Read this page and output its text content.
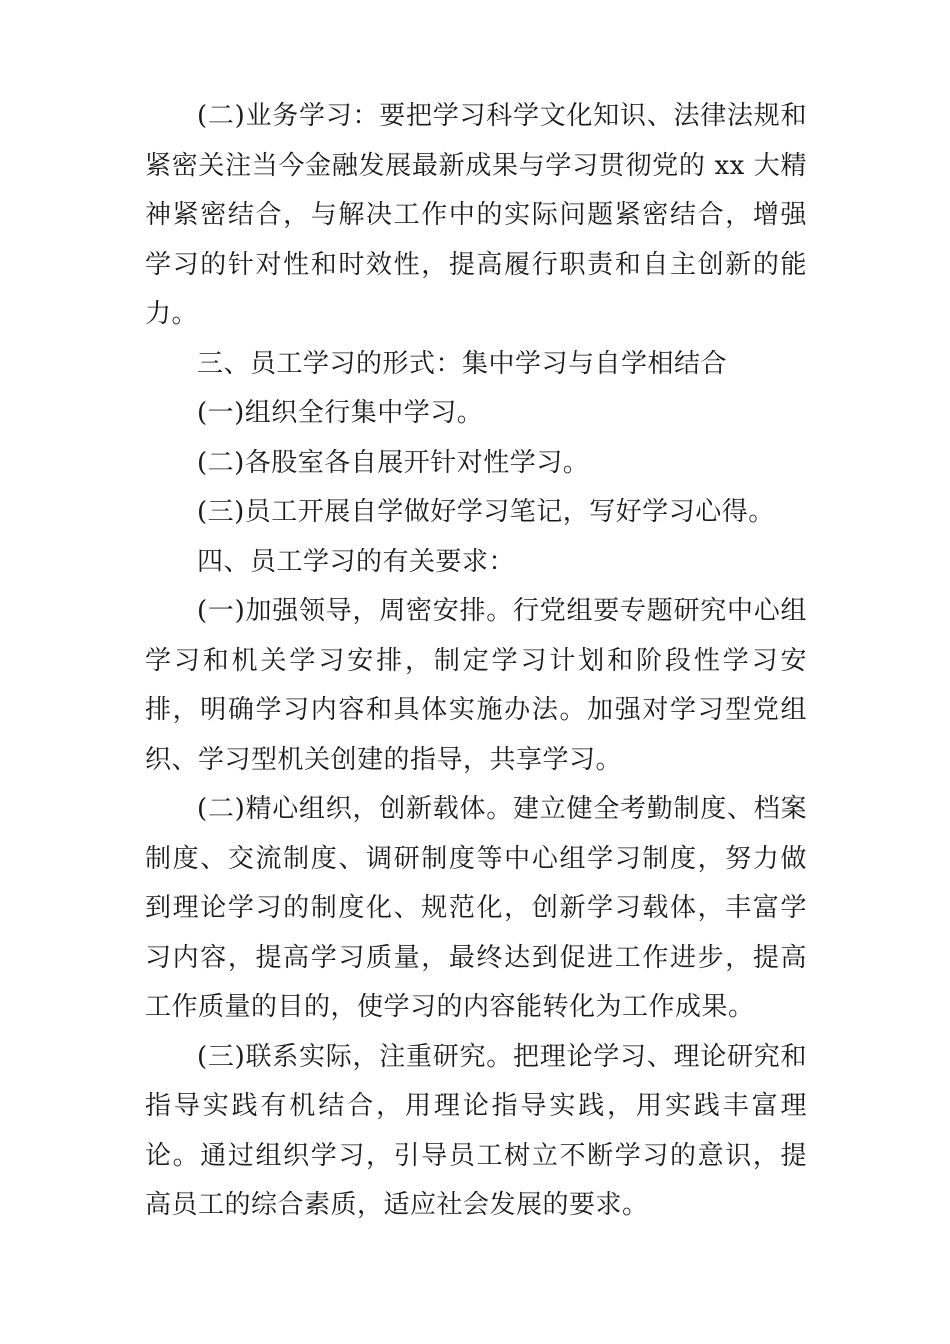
(二)业务学习：要把学习科学文化知识、法律法规和紧密关注当今金融发展最新成果与学习贯彻党的 xx 大精神紧密结合，与解决工作中的实际问题紧密结合，增强学习的针对性和时效性，提高履行职责和自主创新的能力。

三、员工学习的形式：集中学习与自学相结合

(一)组织全行集中学习。

(二)各股室各自展开针对性学习。

(三)员工开展自学做好学习笔记，写好学习心得。

四、员工学习的有关要求：

(一)加强领导，周密安排。行党组要专题研究中心组学习和机关学习安排，制定学习计划和阶段性学习安排，明确学习内容和具体实施办法。加强对学习型党组织、学习型机关创建的指导，共享学习。

(二)精心组织，创新载体。建立健全考勤制度、档案制度、交流制度、调研制度等中心组学习制度，努力做到理论学习的制度化、规范化，创新学习载体，丰富学习内容，提高学习质量，最终达到促进工作进步，提高工作质量的目的，使学习的内容能转化为工作成果。

(三)联系实际，注重研究。把理论学习、理论研究和指导实践有机结合，用理论指导实践，用实践丰富理论。通过组织学习，引导员工树立不断学习的意识，提高员工的综合素质，适应社会发展的要求。
